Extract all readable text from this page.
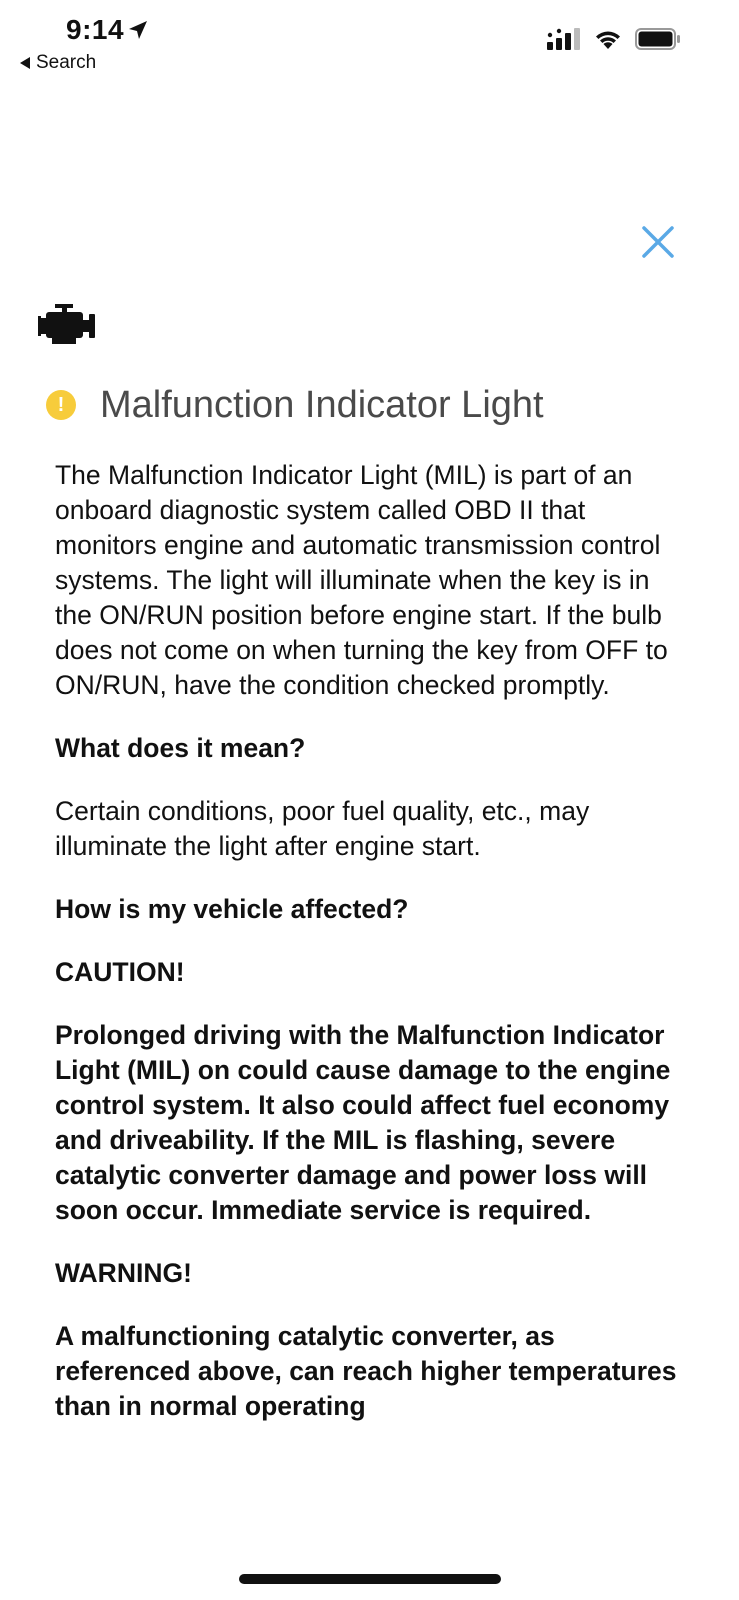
9:14
Search
! Malfunction Indicator Light

The Malfunction Indicator Light (MIL) is part of an onboard diagnostic system called OBD II that monitors engine and automatic transmission control systems. The light will illuminate when the key is in the ON/RUN position before engine start. If the bulb does not come on when turning the key from OFF to ON/RUN, have the condition checked promptly.

What does it mean?

Certain conditions, poor fuel quality, etc., may illuminate the light after engine start.

How is my vehicle affected?

CAUTION!

Prolonged driving with the Malfunction Indicator Light (MIL) on could cause damage to the engine control system. It also could affect fuel economy and driveability. If the MIL is flashing, severe catalytic converter damage and power loss will soon occur. Immediate service is required.

WARNING!

A malfunctioning catalytic converter, as referenced above, can reach higher temperatures than in normal operating
